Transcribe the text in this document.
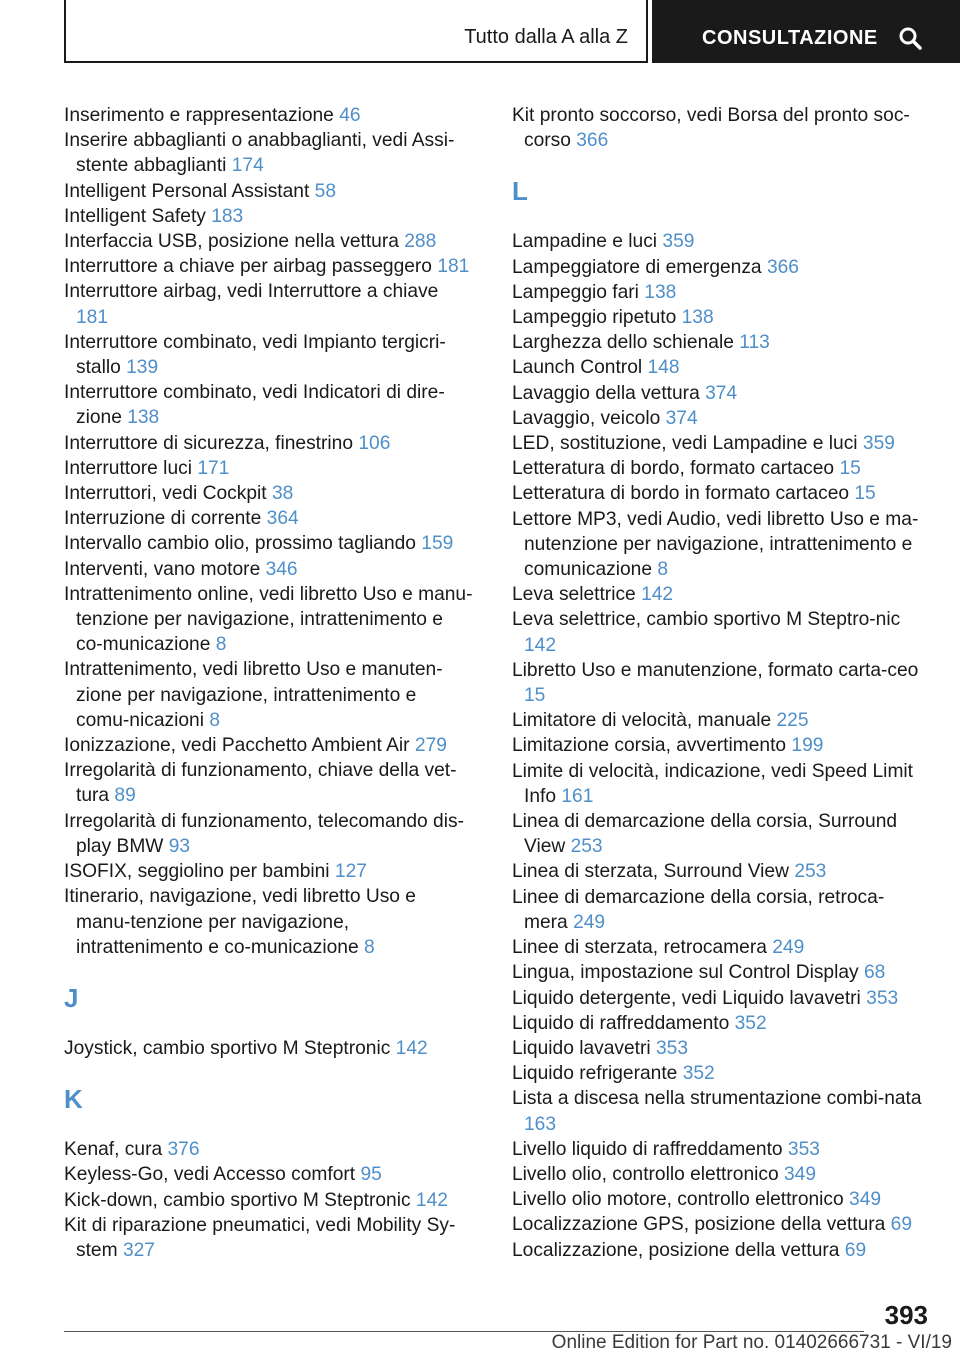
Tutto dalla A alla Z	CONSULTAZIONE
Inserimento e rappresentazione 46
Inserire abbaglianti o anabbaglianti, vedi Assi-stente abbaglianti 174
Intelligent Personal Assistant 58
Intelligent Safety 183
Interfaccia USB, posizione nella vettura 288
Interruttore a chiave per airbag passeggero 181
Interruttore airbag, vedi Interruttore a chiave 181
Interruttore combinato, vedi Impianto tergicri-stallo 139
Interruttore combinato, vedi Indicatori di dire-zione 138
Interruttore di sicurezza, finestrino 106
Interruttore luci 171
Interruttori, vedi Cockpit 38
Interruzione di corrente 364
Intervallo cambio olio, prossimo tagliando 159
Interventi, vano motore 346
Intrattenimento online, vedi libretto Uso e manu-tenzione per navigazione, intrattenimento e co-municazione 8
Intrattenimento, vedi libretto Uso e manuten-zione per navigazione, intrattenimento e comu-nicazioni 8
Ionizzazione, vedi Pacchetto Ambient Air 279
Irregolarità di funzionamento, chiave della vet-tura 89
Irregolarità di funzionamento, telecomando dis-play BMW 93
ISOFIX, seggiolino per bambini 127
Itinerario, navigazione, vedi libretto Uso e manu-tenzione per navigazione, intrattenimento e co-municazione 8
J
Joystick, cambio sportivo M Steptronic 142
K
Kenaf, cura 376
Keyless-Go, vedi Accesso comfort 95
Kick-down, cambio sportivo M Steptronic 142
Kit di riparazione pneumatici, vedi Mobility Sy-stem 327
Kit pronto soccorso, vedi Borsa del pronto soc-corso 366
L
Lampadine e luci 359
Lampeggiatore di emergenza 366
Lampeggio fari 138
Lampeggio ripetuto 138
Larghezza dello schienale 113
Launch Control 148
Lavaggio della vettura 374
Lavaggio, veicolo 374
LED, sostituzione, vedi Lampadine e luci 359
Letteratura di bordo, formato cartaceo 15
Letteratura di bordo in formato cartaceo 15
Lettore MP3, vedi Audio, vedi libretto Uso e ma-nutenzione per navigazione, intrattenimento e comunicazione 8
Leva selettrice 142
Leva selettrice, cambio sportivo M Steptro-nic 142
Libretto Uso e manutenzione, formato carta-ceo 15
Limitatore di velocità, manuale 225
Limitazione corsia, avvertimento 199
Limite di velocità, indicazione, vedi Speed Limit Info 161
Linea di demarcazione della corsia, Surround View 253
Linea di sterzata, Surround View 253
Linee di demarcazione della corsia, retroca-mera 249
Linee di sterzata, retrocamera 249
Lingua, impostazione sul Control Display 68
Liquido detergente, vedi Liquido lavavetri 353
Liquido di raffreddamento 352
Liquido lavavetri 353
Liquido refrigerante 352
Lista a discesa nella strumentazione combi-nata 163
Livello liquido di raffreddamento 353
Livello olio, controllo elettronico 349
Livello olio motore, controllo elettronico 349
Localizzazione GPS, posizione della vettura 69
Localizzazione, posizione della vettura 69
393
Online Edition for Part no. 01402666731 - VI/19
